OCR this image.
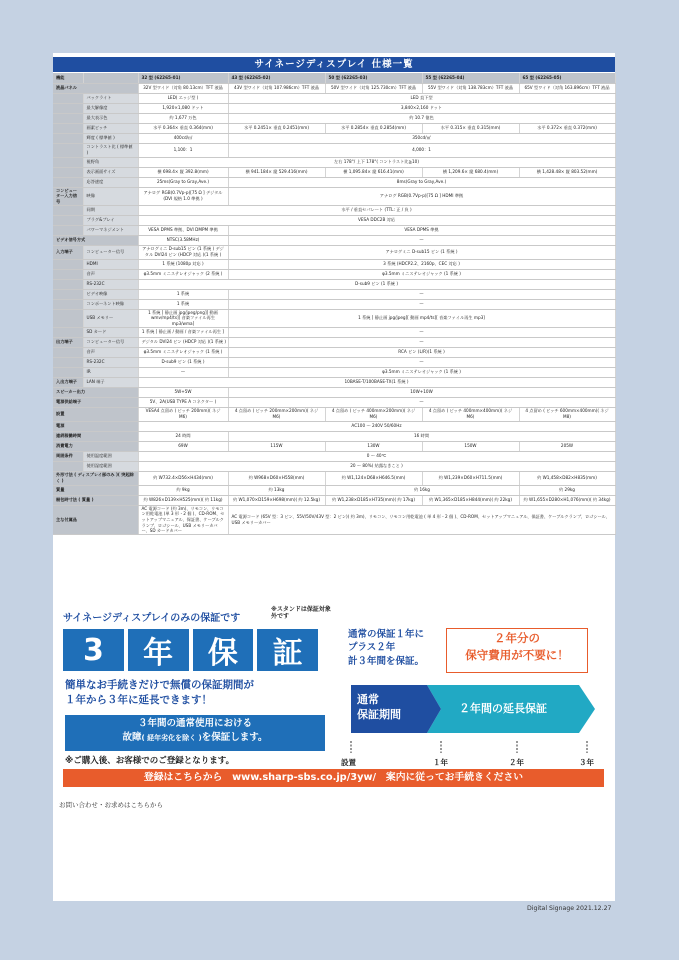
サイネージディスプレイ 仕様一覧
機能		32 型 (62265-01)	43 型 (62265-02)	50 型 (62265-03)	55 型 (62265-04)	65 型 (62265-05)
液晶パネル		32V 型ワイド（対角 80.13cm）TFT 液晶	43V 型ワイド（対角 107.986cm）TFT 液晶	50V 型ワイド（対角 125.730cm）TFT 液晶	55V 型ワイド（対角 138.783cm）TFT 液晶	65V 型ワイド（対角 163.896cm）TFT 液晶
	バックライト	LED( エッジ型 )	LED 直下型			
	最大解像度	1,920×1,080 ドット	3,840×2,160 ドット			
	最大表示色	約 1,677 万色	約 10.7 億色			
	画素ピッチ	水平 0.364× 垂直 0.364(mm)	水平 0.2451× 垂直 0.2451(mm)	水平 0.2854× 垂直 0.2854(mm)	水平 0.315× 垂直 0.315(mm)	水平 0.372× 垂直 0.372(mm)
	輝度 ( 標準値 )	400cd/㎡	350cd/㎡			
	コントラスト比 ( 標準値 )	1,100：1	4,000：1			
	視野角	左右 178°/ 上下 178°( コントラスト比≧10)				
	表示画面サイズ	横 698.4× 縦 392.8(mm)	横 941.184× 縦 529.416(mm)	横 1,095.84× 縦 616.41(mm)	横 1,209.6× 縦 680.4(mm)	横 1,428.48× 縦 803.52(mm)
	応答速度	25ms(Gray to Gray,Ave.)	8ms(Gray to Gray,Ave.)			
コンピューター入力信号	映像	アナログ RGB(0.7Vp-p)[75 Ω ] デジタル (DVI 規格 1.0 準拠 )	アナログ RGB(0.7Vp-p)[75 Ω ] HDMI 準拠			
	同期	水平 / 垂直セパレート (TTL: 正 / 負 )				
	プラグ&プレイ	VESA DDC2B 対応				
	パワーマネジメント	VESA DPMS 準拠、DVI DMPM 準拠	VESA DPMS 準拠			
ビデオ信号方式		NTSC(3.58MHz)	—			
入力端子	コンピューター信号	アナログミニ D-sub15 ピン (1 系統 ) デジタル DVI24 ピン (HDCP 対応 )(1 系統 )	アナログミニ D-sub15 ピン (1 系統 )			
	HDMI	1 系統 (1080p 対応 )	3 系統 (HDCP2.2、2160p、CEC 対応 )			
	音声	φ3.5mm ミニステレオジャック (2 系統 )	φ3.5mm ミニステレオジャック (1 系統 )			
	RS-232C	D-sub9 ピン (1 系統 )				
	ビデオ映像	1 系統	—			
	コンポーネント映像	1 系統	—			
	USB メモリー	1 系統 [ 静止画 jpg/jpeg/png][ 動画 wmv/mp4/ts][ 音楽ファイル再生 mp3/wma]	1 系統 [ 静止画 jpg/jpeg][ 動画 mp4/ts][ 音楽ファイル再生 mp3]			
	SD カード	1 系統 [ 静止画 / 動画 / 音楽ファイル再生 ]	—			
出力端子	コンピューター信号	デジタル DVI24 ピン (HDCP 対応 )(1 系統 )	—			
	音声	φ3.5mm ミニステレオジャック (1 系統 )	RCA ピン (L/R)(1 系統 )			
	RS-232C	D-sub9 ピン (1 系統 )	—			
	IR	—	φ3.5mm ミニステレオジャック (1 系統 )			
入出力端子	LAN 端子	10BASE-T/100BASE-TX(1 系統 )				
スピーカー出力		5W+5W	10W+10W			
電源供給端子		5V、2A(USB TYPE A コネクター )	—			
設置		VESA4 点留め ( ピッチ 200mm)( ネジ M6)	4 点留め ( ピッチ 200mm×200mm)( ネジ M6)	4 点留め ( ピッチ 400mm×200mm)( ネジ M6)	4 点留め ( ピッチ 400mm×400mm)( ネジ M6)	4 点留め ( ピッチ 600mm×400mm)( ネジ M8)
電源		AC100 〜 240V 50/60Hz				
連続稼働時間		24 時間	16 時間			
消費電力		69W	115W	130W	150W	205W
周囲条件	使用温度範囲	0 〜 40℃				
	使用湿度範囲	20 〜 80%( 結露なきこと )				
外形寸法 ( ディスプレイ部のみ )( 突起除く )		約 W732.4×D56×H434(mm)	約 W968×D60×H558(mm)	約 W1,124×D68×H646.5(mm)	約 W1,239×D60×H711.5(mm)	約 W1,458×D82×H835(mm)
質量		約 9kg	約 13kg	約 16kg		約 29kg
梱包時寸法 ( 質量 )		約 W826×D139×H525(mm)( 約 11kg)	約 W1,070×D159×H698(mm)( 約 12.5kg)	約 W1,238×D185×H735(mm)( 約 17kg)	約 W1,365×D185×H844(mm)( 約 22kg)	約 W1,655×D280×H1,076(mm)( 約 34kg)
主な付属品		AC 電源コード (約 3m)、リモコン、リモコン用乾電池 (単 3 形・2 個 )、CD-ROM、セットアップマニュアル、保証書、ケーブルクランプ、ロゴシール、USB メモリーカバー、SD カードカバー	AC 電源コード (65V 型：3 ピン、55V/50V/43V 型：2 ピン)( 約 3m)、リモコン、リモコン用乾電池 ( 単 4 形・2 個 )、CD-ROM、セットアップマニュアル、保証書、ケーブルクランプ、ロゴシール、USB メモリーカバー			
サイネージディスプレイのみの保証です
※スタンドは保証対象外です
3	年	保	証
簡単なお手続きだけで無償の保証期間が
１年から３年に延長できます！
３年間の通常使用における
故障( 経年劣化を除く )を保証します。
※ご購入後、お客様でのご登録となります。
通常の保証１年に
プラス２年
計３年間を保証。
２年分の
保守費用が不要に！
通常
保証期間	２年間の延長保証
設置	１年	２年	３年
登録はこちらから　www.sharp-sbs.co.jp/3yw/　案内に従ってお手続きください
お問い合わせ・お求めはこちらから
Digital Signage 2021.12.27
